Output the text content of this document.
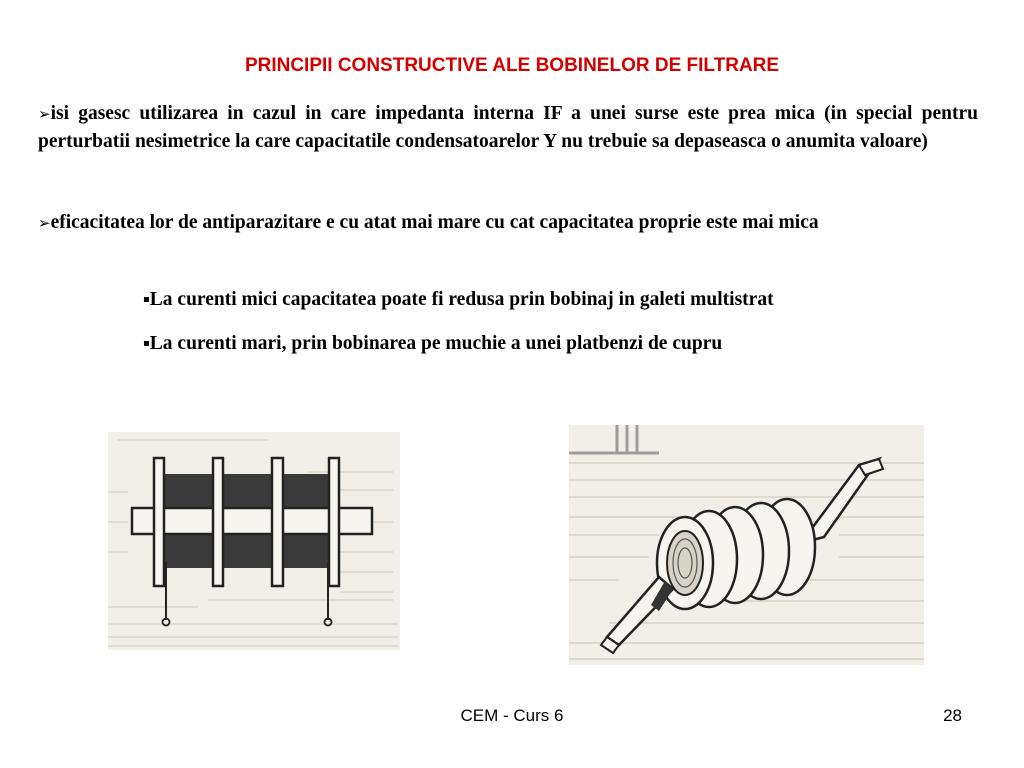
PRINCIPII CONSTRUCTIVE ALE BOBINELOR DE FILTRARE
➢isi gasesc utilizarea in cazul in care impedanta interna IF a unei surse este prea mica (in special pentru perturbatii nesimetrice la care capacitatile condensatoarelor Y nu trebuie sa depaseasca o anumita valoare)
➢eficacitatea lor de antiparazitare e cu atat mai mare cu cat capacitatea proprie este mai mica
▪La curenti mici capacitatea poate fi redusa prin bobinaj in galeti multistrat
▪La curenti mari, prin bobinarea pe muchie a unei platbenzi de cupru
CEM - Curs 6	28
